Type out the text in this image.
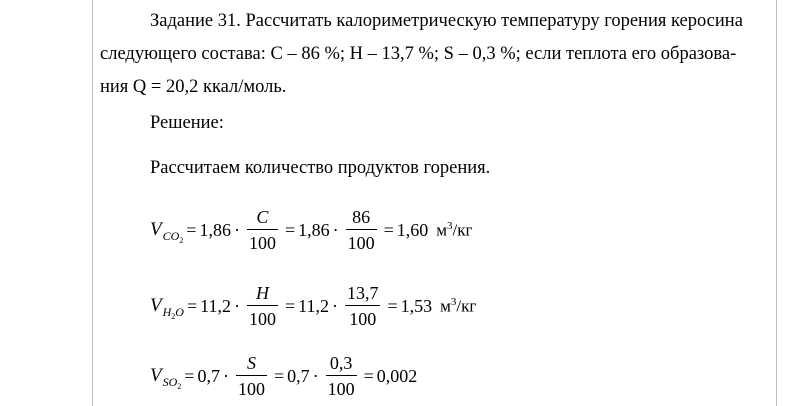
Задание 31. Рассчитать калориметрическую температуру горения керосина
следующего состава: С – 86 %; Н – 13,7 %; S – 0,3 %; если теплота его образова-
ния Q = 20,2 ккал/моль.
Решение:
Рассчитаем количество продуктов горения.
V $CO_2$
= $1,86 \cdot \frac{C}{100} = 1,86 \cdot \frac{86}{100} = 1,60$ $м^3/кг$
V $H_2O = 11,2 \cdot \frac{H}{100} = 11,2 \cdot \frac{13,7}{100} = 1,53$ $м^3/кг$
V $SO_2$
= $0,7 \cdot \frac{S}{100} = 0,7 \cdot \frac{0,3}{100} = 0,002$
